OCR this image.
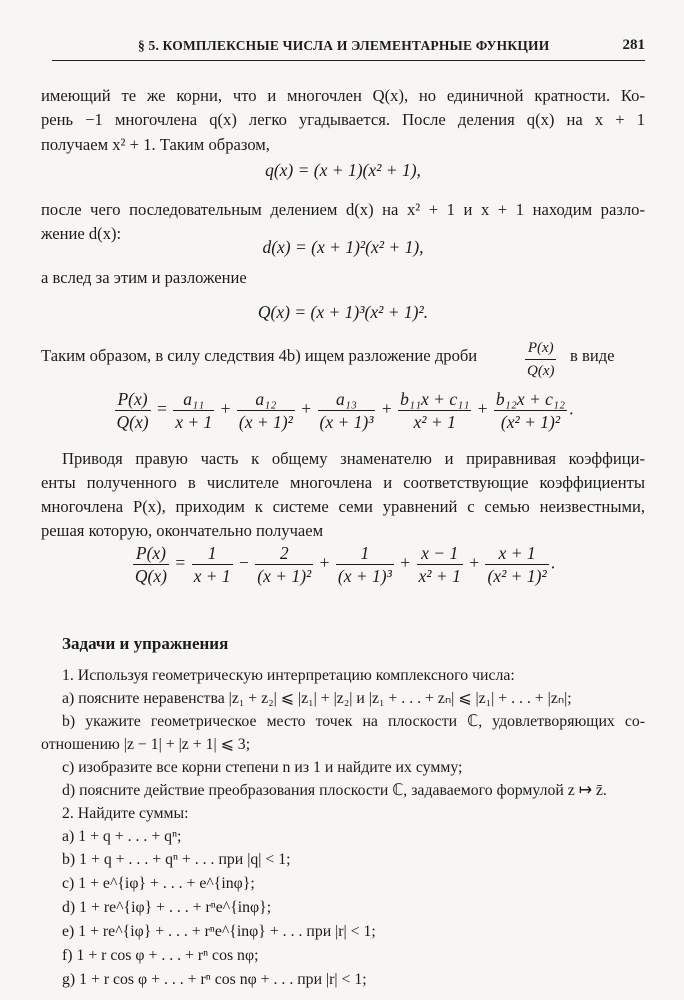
§ 5. КОМПЛЕКСНЫЕ ЧИСЛА И ЭЛЕМЕНТАРНЫЕ ФУНКЦИИ	281
имеющий те же корни, что и многочлен Q(x), но единичной кратности. Ко-
рень −1 многочлена q(x) легко угадывается. После деления q(x) на x + 1
получаем x² + 1. Таким образом,
q(x) = (x + 1)(x² + 1),
после чего последовательным делением d(x) на x² + 1 и x + 1 находим разло-
жение d(x):
d(x) = (x + 1)²(x² + 1),
а вслед за этим и разложение
Q(x) = (x + 1)³(x² + 1)².
Таким образом, в силу следствия 4b) ищем разложение дроби	$\frac{P(x)}{Q(x)}$ в виде
$\frac{P(x)}{Q(x)} = \frac{\text{a₁₁}}{x + 1} + \frac{\text{a₁₂}}{\text{(x + 1)²}} + \frac{\text{a₁₃}}{\text{(x + 1)³}} + \frac{\text{b₁₁x + c₁₁}}{\text{x² + 1}} + \frac{\text{b₁₂x + c₁₂}}{\text{(x² + 1)²}}$ .
Приводя правую часть к общему знаменателю и приравнивая коэффици-
енты полученного в числителе многочлена и соответствующие коэффициенты
многочлена P(x), приходим к системе семи уравнений с семью неизвестными,
решая которую, окончательно получаем
$\frac{P(x)}{Q(x)} = \frac{1}{x + 1} - \frac{2}{\text{(x + 1)²}} + \frac{1}{\text{(x + 1)³}} + \frac{x - 1}{\text{x² + 1}} + \frac{x + 1}{\text{(x² + 1)²}}$ .
Задачи и упражнения
1. Используя геометрическую интерпретацию комплексного числа:
a) поясните неравенства |z₁ + z₂| ⩽ |z₁| + |z₂| и |z₁ + . . . + zₙ| ⩽ |z₁| + . . . + |zₙ|;
b) укажите геометрическое место точек на плоскости ℂ, удовлетворяющих со-
отношению |z − 1| + |z + 1| ⩽ 3;
c) изобразите все корни степени n из 1 и найдите их сумму;
d) поясните действие преобразования плоскости ℂ, задаваемого формулой z ↦ z̄.
2. Найдите суммы:
a) 1 + q + . . . + qⁿ;
b) 1 + q + . . . + qⁿ + . . . при |q| < 1;
c) 1 + e^{iφ} + . . . + e^{inφ};
d) 1 + re^{iφ} + . . . + rⁿe^{inφ};
e) 1 + re^{iφ} + . . . + rⁿe^{inφ} + . . . при |r| < 1;
f) 1 + r cos φ + . . . + rⁿ cos nφ;
g) 1 + r cos φ + . . . + rⁿ cos nφ + . . . при |r| < 1;
